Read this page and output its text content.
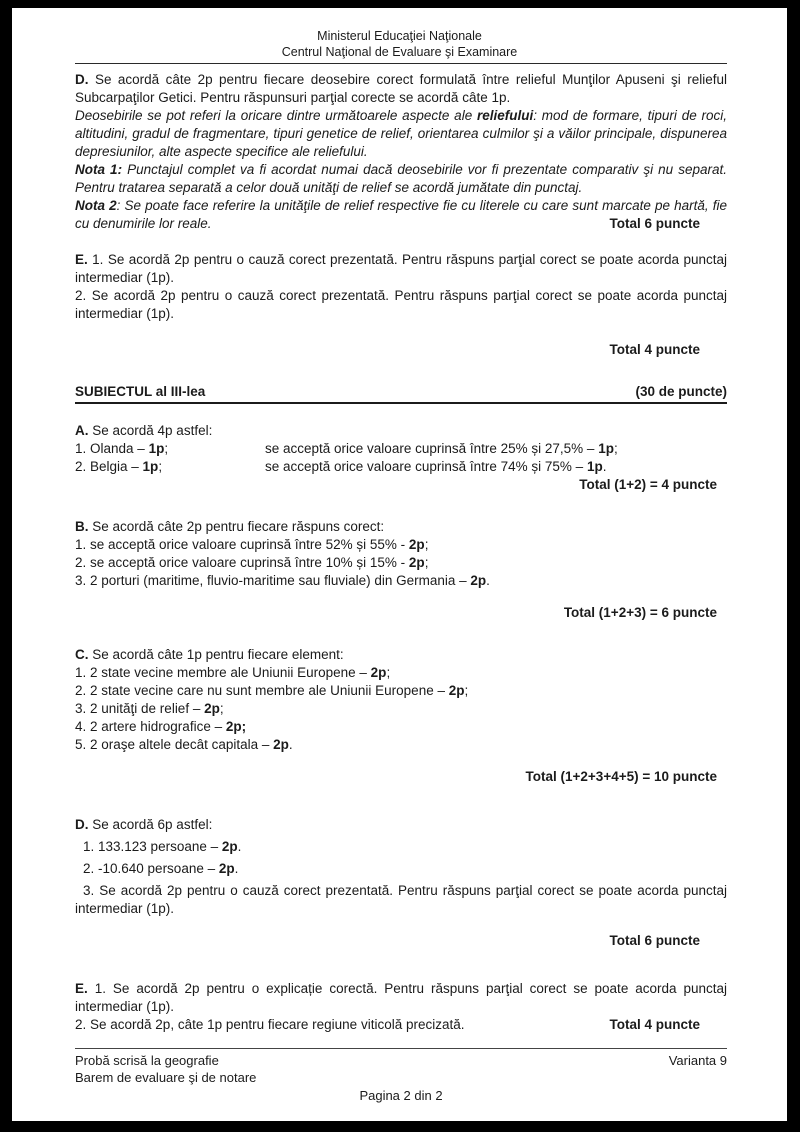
Ministerul Educaţiei Naţionale
Centrul Naţional de Evaluare şi Examinare

D. Se acordă câte 2p pentru fiecare deosebire corect formulată între relieful Munţilor Apuseni şi relieful Subcarpaţilor Getici. Pentru răspunsuri parţial corecte se acordă câte 1p.

Deosebirile se pot referi la oricare dintre următoarele aspecte ale reliefului: mod de formare, tipuri de roci, altitudini, gradul de fragmentare, tipuri genetice de relief, orientarea culmilor şi a văilor principale, dispunerea depresiunilor, alte aspecte specifice ale reliefului.

Nota 1: Punctajul complet va fi acordat numai dacă deosebirile vor fi prezentate comparativ şi nu separat. Pentru tratarea separată a celor două unităţi de relief se acordă jumătate din punctaj.

Nota 2: Se poate face referire la unităţile de relief respective fie cu literele cu care sunt marcate pe hartă, fie cu denumirile lor reale.	Total 6 puncte

E. 1. Se acordă 2p pentru o cauză corect prezentată. Pentru răspuns parţial corect se poate acorda punctaj intermediar (1p).

2. Se acordă 2p pentru o cauză corect prezentată. Pentru răspuns parţial corect se poate acorda punctaj intermediar (1p).

Total 4 puncte

SUBIECTUL al III-lea	(30 de puncte)

A. Se acordă 4p astfel:

1. Olanda – 1p;	se acceptă orice valoare cuprinsă între 25% și 27,5% – 1p;
2. Belgia – 1p;	se acceptă orice valoare cuprinsă între 74% și 75% – 1p.

Total (1+2) = 4 puncte

B. Se acordă câte 2p pentru fiecare răspuns corect:

1. se acceptă orice valoare cuprinsă între 52% și 55% - 2p;

2. se acceptă orice valoare cuprinsă între 10% și 15% - 2p;

3. 2 porturi (maritime, fluvio-maritime sau fluviale) din Germania – 2p.

Total (1+2+3) = 6 puncte

C. Se acordă câte 1p pentru fiecare element:

1. 2 state vecine membre ale Uniunii Europene – 2p;

2. 2 state vecine care nu sunt membre ale Uniunii Europene – 2p;

3. 2 unităţi de relief – 2p;

4. 2 artere hidrografice – 2p;

5. 2 oraşe altele decât capitala – 2p.

Total (1+2+3+4+5) = 10 puncte

D. Se acordă 6p astfel:

1. 133.123 persoane – 2p.

2. -10.640 persoane – 2p.

3. Se acordă 2p pentru o cauză corect prezentată. Pentru răspuns parţial corect se poate acorda punctaj intermediar (1p).

Total 6 puncte

E. 1. Se acordă 2p pentru o explicație corectă. Pentru răspuns parţial corect se poate acorda punctaj intermediar (1p).

2. Se acordă 2p, câte 1p pentru fiecare regiune viticolă precizată.	Total 4 puncte
Probă scrisă la geografie
Barem de evaluare şi de notare
Varianta 9
Pagina 2 din 2
